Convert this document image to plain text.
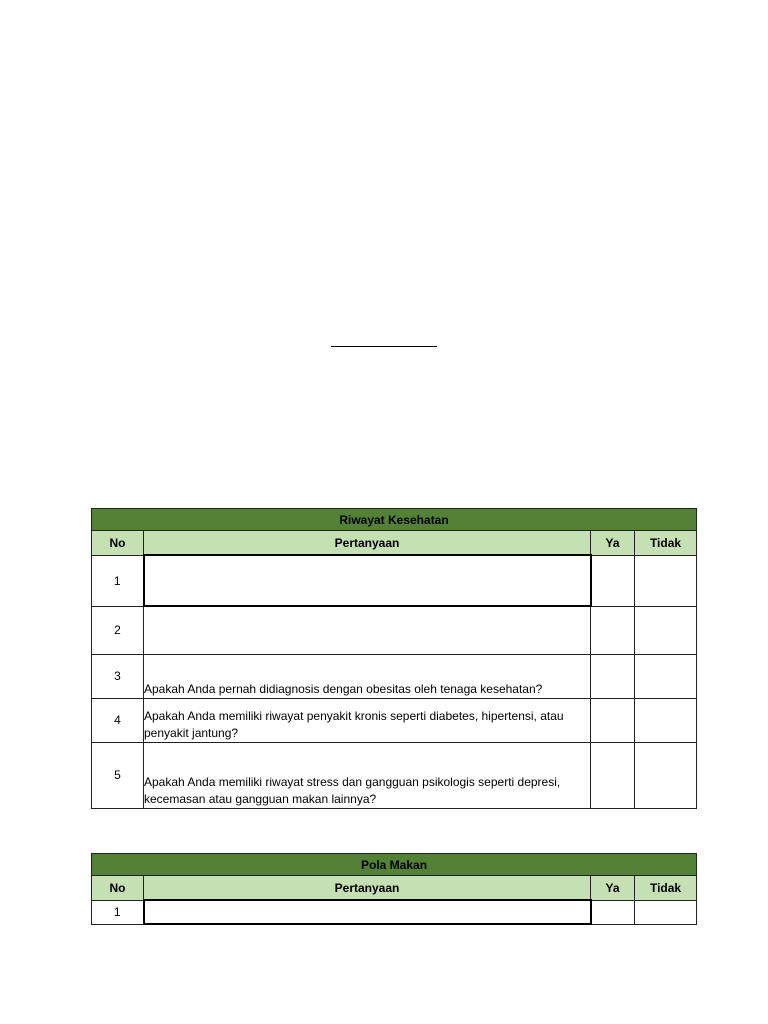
Riwayat Kesehatan			
No	Pertanyaan	Ya	Tidak
1			
2			
3	Apakah Anda pernah didiagnosis dengan obesitas oleh tenaga kesehatan?		
4	Apakah Anda memiliki riwayat penyakit kronis seperti diabetes, hipertensi, atau penyakit jantung?		
5	Apakah Anda memiliki riwayat stress dan gangguan psikologis seperti depresi, kecemasan atau gangguan makan lainnya?		
Pola Makan			
No	Pertanyaan	Ya	Tidak
1			
